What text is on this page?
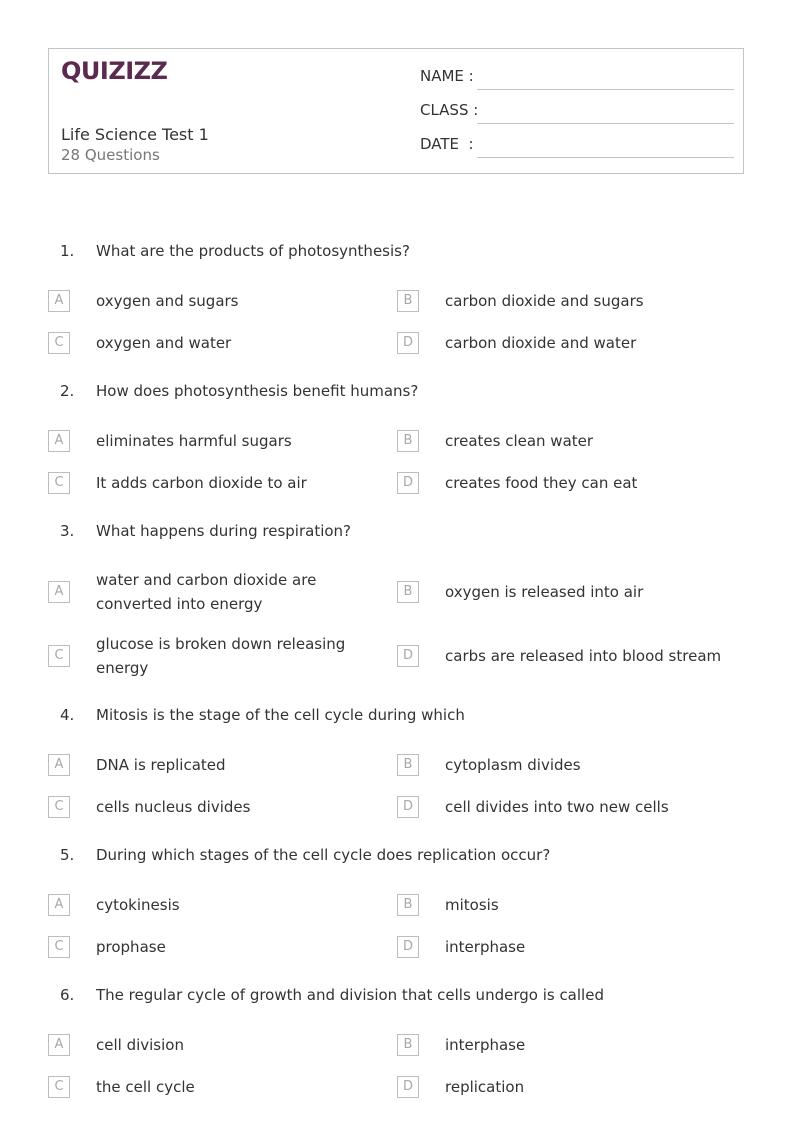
QUIZIZZ
Life Science Test 1
28 Questions
NAME :
CLASS :
DATE  :
1. What are the products of photosynthesis?
A	oxygen and sugars	B	carbon dioxide and sugars
C	oxygen and water	D	carbon dioxide and water
2. How does photosynthesis benefit humans?
A	eliminates harmful sugars	B	creates clean water
C	It adds carbon dioxide to air	D	creates food they can eat
3. What happens during respiration?
A
water and carbon dioxide are converted into energy
B	oxygen is released into air
C
glucose is broken down releasing energy
D	carbs are released into blood stream
4. Mitosis is the stage of the cell cycle during which
A	DNA is replicated	B	cytoplasm divides
C	cells nucleus divides	D	cell divides into two new cells
5. During which stages of the cell cycle does replication occur?
A	cytokinesis	B	mitosis
C	prophase	D	interphase
6. The regular cycle of growth and division that cells undergo is called
A	cell division	B	interphase
C	the cell cycle	D	replication
